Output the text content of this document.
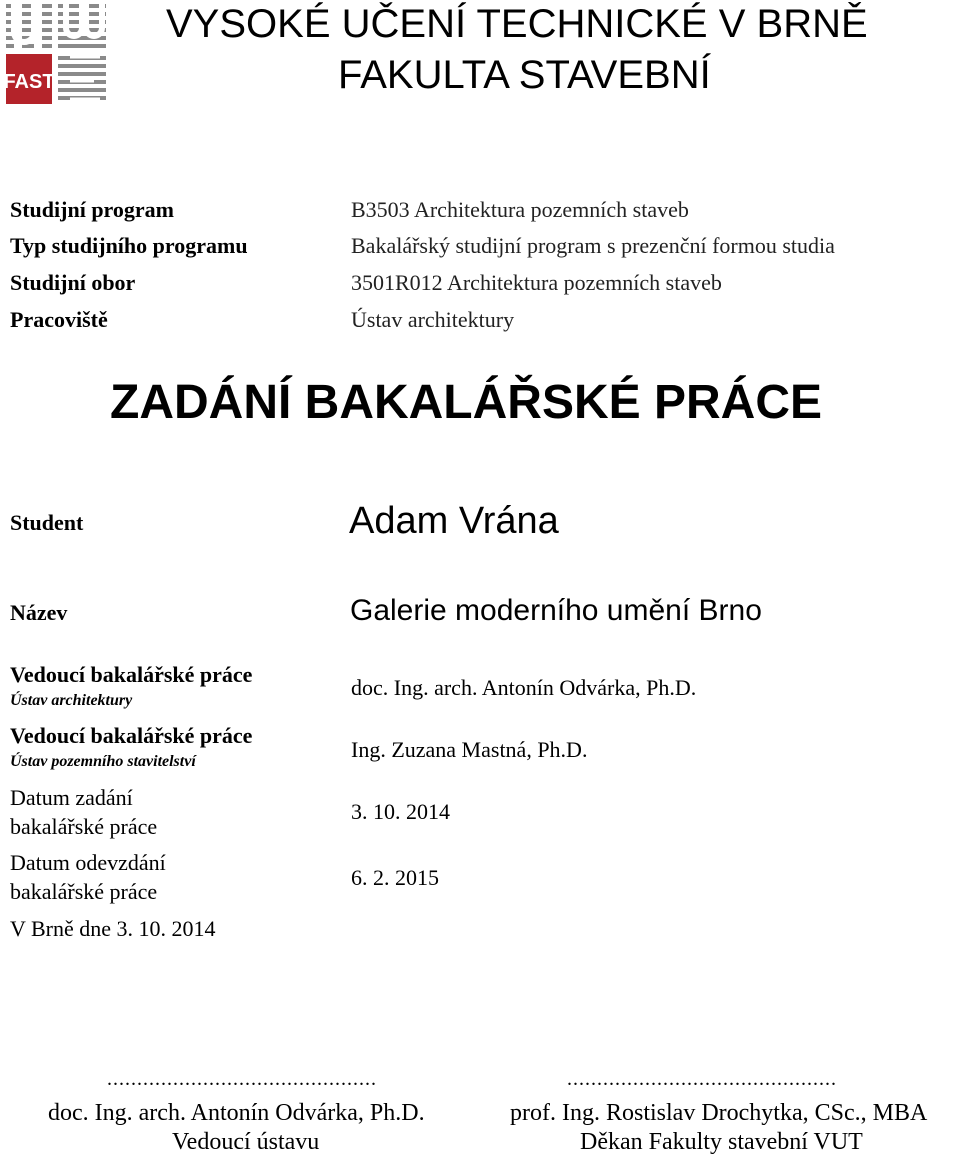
FAST
VYSOKÉ UČENÍ TECHNICKÉ V BRNĚ
FAKULTA STAVEBNÍ
Studijní program	B3503 Architektura pozemních staveb
Typ studijního programu	Bakalářský studijní program s prezenční formou studia
Studijní obor	3501R012 Architektura pozemních staveb
Pracoviště	Ústav architektury
ZADÁNÍ BAKALÁŘSKÉ PRÁCE
Student	Adam Vrána
Název	Galerie moderního umění Brno
Vedoucí bakalářské práce
Ústav architektury
doc. Ing. arch. Antonín Odvárka, Ph.D.
Vedoucí bakalářské práce
Ústav pozemního stavitelství	Ing. Zuzana Mastná, Ph.D.
Datum zadání
bakalářské práce
3. 10. 2014
Datum odevzdání
bakalářské práce
6. 2. 2015
V Brně dne 3. 10. 2014
.............................................
doc. Ing. arch. Antonín Odvárka, Ph.D.
Vedoucí ústavu
.............................................
prof. Ing. Rostislav Drochytka, CSc., MBA
Děkan Fakulty stavební VUT
